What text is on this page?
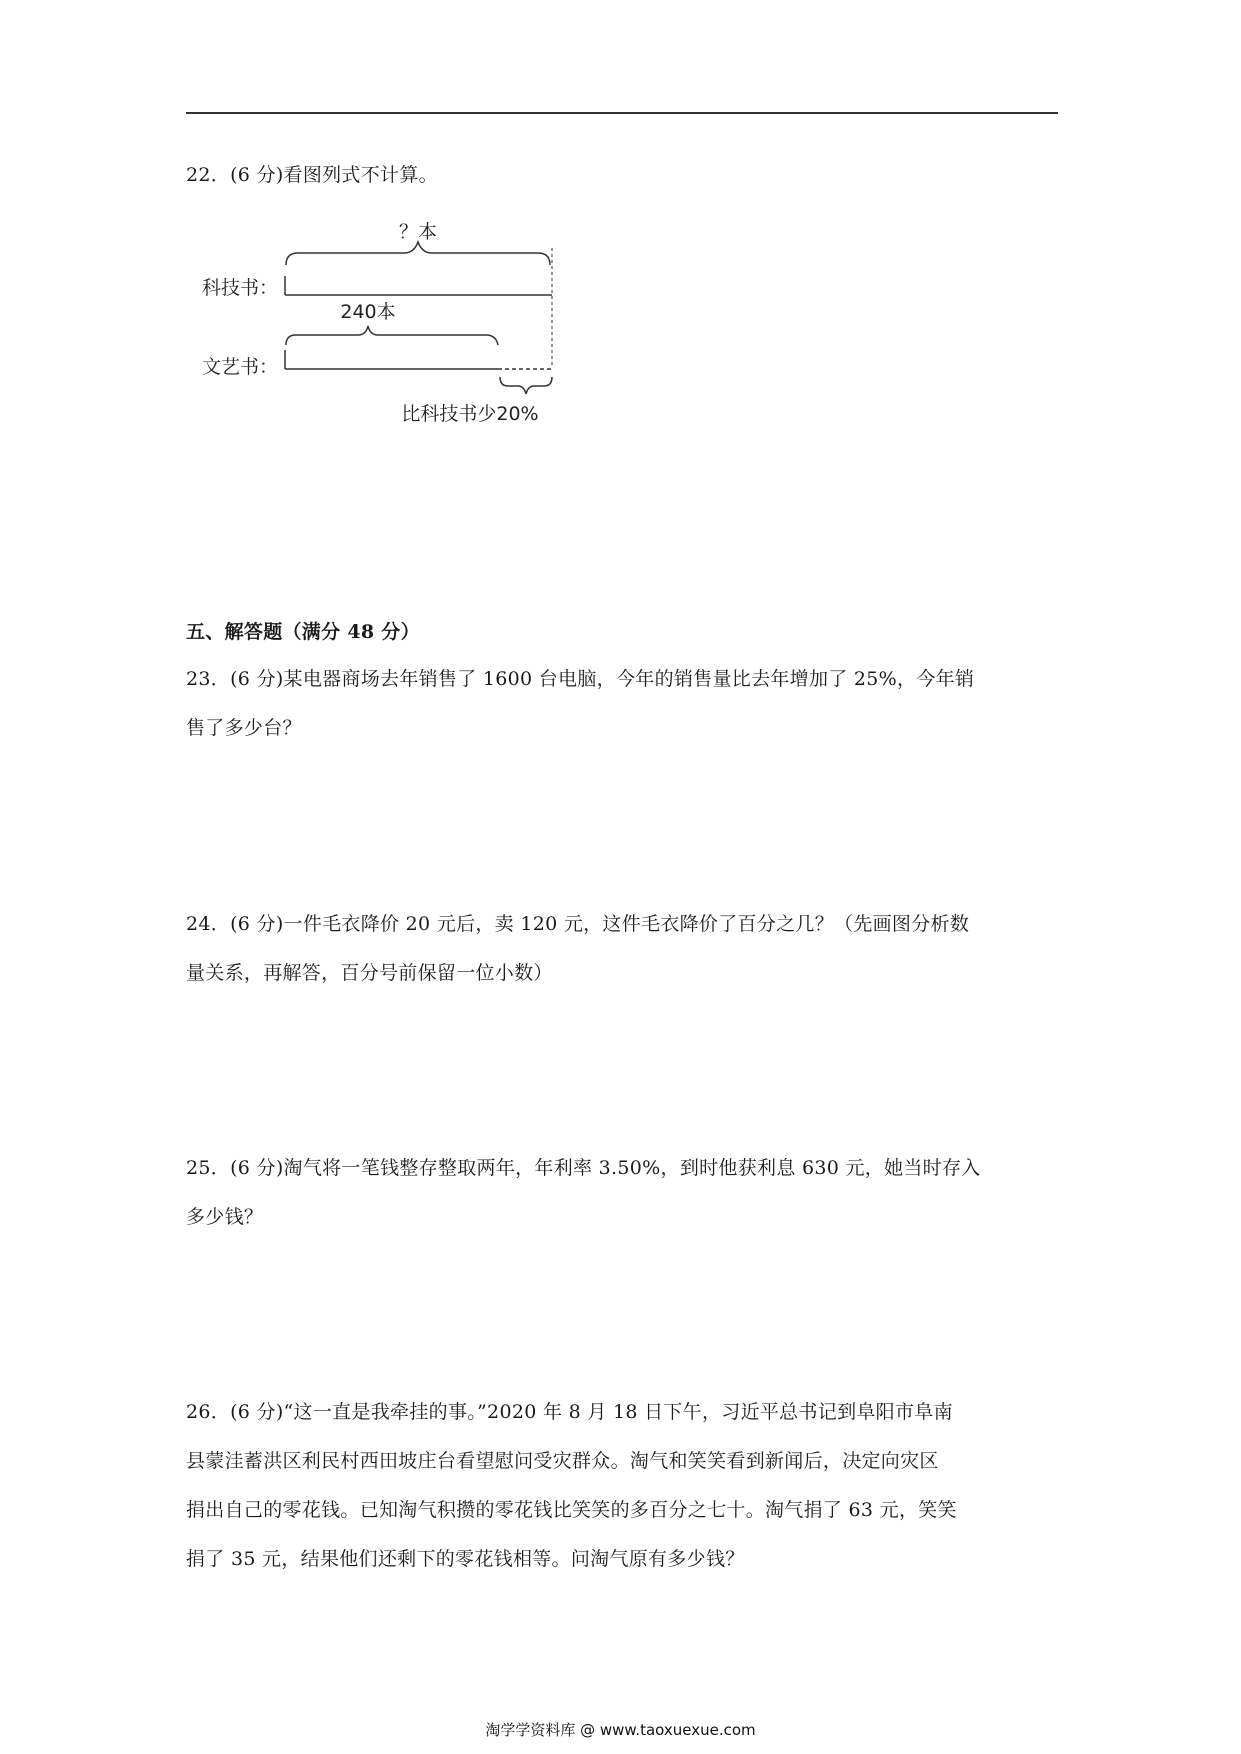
22．(6 分)看图列式不计算。
？本
科技书：
240本
文艺书：
比科技书少20%
五、解答题（满分 48 分）
23．(6 分)某电器商场去年销售了 1600 台电脑，今年的销售量比去年增加了 25%，今年销
售了多少台？
24．(6 分)一件毛衣降价 20 元后，卖 120 元，这件毛衣降价了百分之几？（先画图分析数
量关系，再解答，百分号前保留一位小数）
25．(6 分)淘气将一笔钱整存整取两年，年利率 3.50%，到时他获利息 630 元，她当时存入
多少钱？
26．(6 分)“这一直是我牵挂的事。”2020 年 8 月 18 日下午，习近平总书记到阜阳市阜南
县蒙洼蓄洪区利民村西田坡庄台看望慰问受灾群众。淘气和笑笑看到新闻后，决定向灾区
捐出自己的零花钱。已知淘气积攒的零花钱比笑笑的多百分之七十。淘气捐了 63 元，笑笑
捐了 35 元，结果他们还剩下的零花钱相等。问淘气原有多少钱？
淘学学资料库 @ www.taoxuexue.com
